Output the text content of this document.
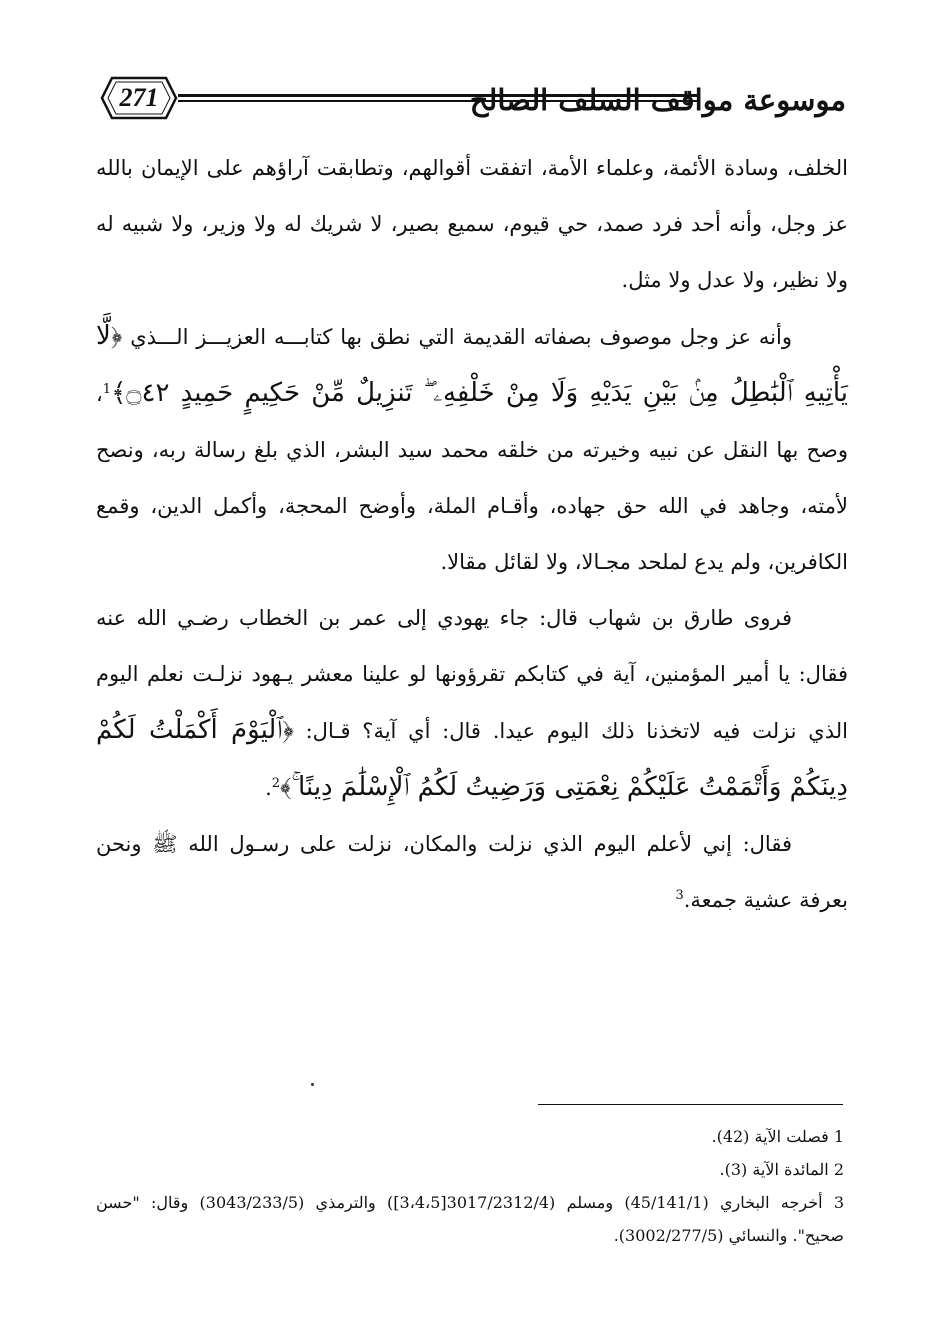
271	موسوعة مواقف السلف الصالح

الخلف، وسادة الأئمة، وعلماء الأمة، اتفقت أقوالهم، وتطابقت آراؤهم على الإيمان بالله عز وجل، وأنه أحد فرد صمد، حي قيوم، سميع بصير، لا شريك له ولا وزير، ولا شبيه له ولا نظير، ولا عدل ولا مثل.

وأنه عز وجل موصوف بصفاته القديمة التي نطق بها كتابـــه العزيـــز الـــذي ﴿لَّا يَأْتِيهِ ٱلْبَٰطِلُ مِنۢ بَيْنِ يَدَيْهِ وَلَا مِنْ خَلْفِهِۦ ۖ تَنزِيلٌ مِّنْ حَكِيمٍ حَمِيدٍ ۝٤٢﴾$^1$، وصح بها النقل عن نبيه وخيرته من خلقه محمد سيد البشر، الذي بلغ رسالة ربه، ونصح لأمته، وجاهد في الله حق جهاده، وأقـام الملة، وأوضح المحجة، وأكمل الدين، وقمع الكافرين، ولم يدع لملحد مجـالا، ولا لقائل مقالا.

فروى طارق بن شهاب قال: جاء يهودي إلى عمر بن الخطاب رضـي الله عنه فقال: يا أمير المؤمنين، آية في كتابكم تقرؤونها لو علينا معشر يـهود نزلـت نعلم اليوم الذي نزلت فيه لاتخذنا ذلك اليوم عيدا. قال: أي آية؟ قـال: ﴿ٱلْيَوْمَ أَكْمَلْتُ لَكُمْ دِينَكُمْ وَأَتْمَمْتُ عَلَيْكُمْ نِعْمَتِى وَرَضِيتُ لَكُمُ ٱلْإِسْلَٰمَ دِينًا ۚ﴾$^2$.

فقال: إني لأعلم اليوم الذي نزلت والمكان، نزلت على رسـول الله ﷺ ونحن بعرفة عشية جمعة.$^3$

1 فصلت الآية (42).

2 المائدة الآية (3).

3 أخرجه البخاري (45/141/1) ومسلم (3017/2312/4[3،4،5]) والترمذي (3043/233/5) وقال: "حسن صحيح". والنسائي (3002/277/5).
